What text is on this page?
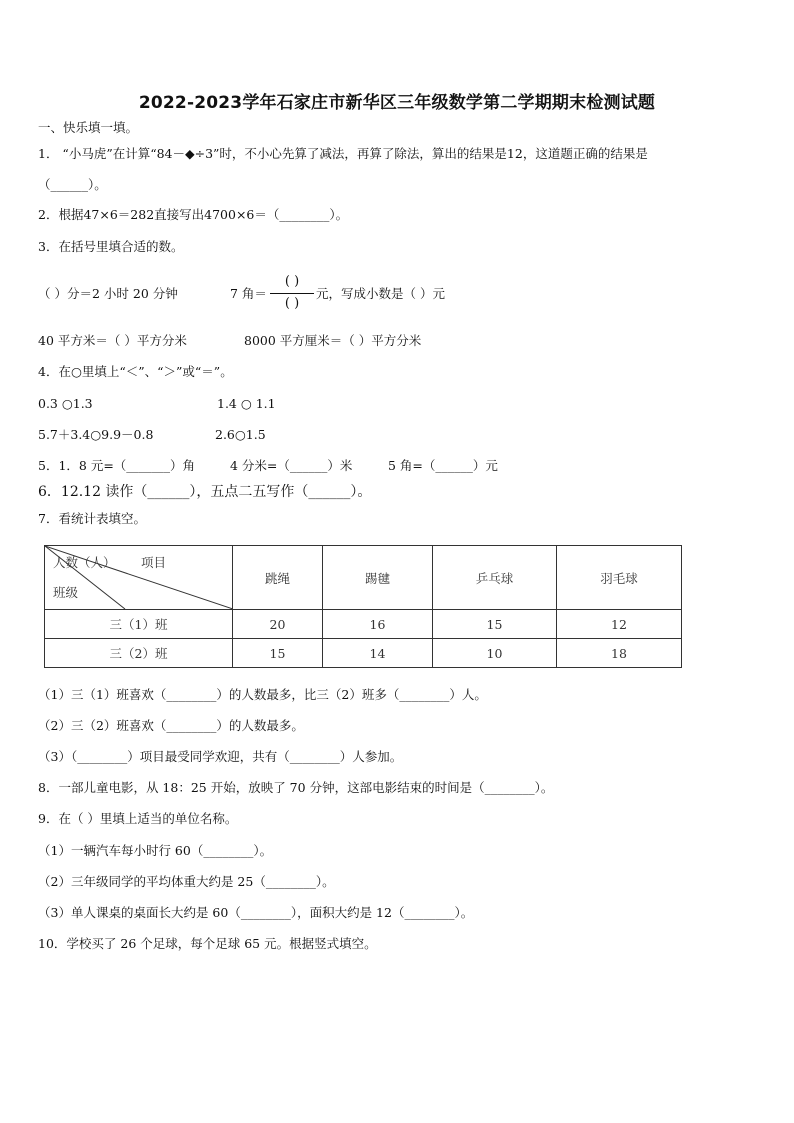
2022-2023学年石家庄市新华区三年级数学第二学期期末检测试题
一、快乐填一填。
1． “小马虎”在计算“84－◆÷3”时，不小心先算了减法，再算了除法，算出的结果是12，这道题正确的结果是
（______）。
2．根据47×6＝282直接写出4700×6＝（________）。
3．在括号里填合适的数。
（ ）分＝2 小时 20 分钟	7 角＝
( )
( )
元，写成小数是（ ）元
40 平方米＝（ ）平方分米	8000 平方厘米＝（ ）平方分米
4．在○里填上“＜”、“＞”或“＝”。
0.3 ○1.3	1.4 ○ 1.1
5.7＋3.4○9.9－0.8	2.6○1.5
5．1．8 元=（_______）角	4 分米=（______）米	5 角=（______）元
6．12.12 读作（______），五点二五写作（______）。
7．看统计表填空。
人数（人） 项目
班级	跳绳	踢毽	乒乓球	羽毛球
三（1）班	20	16	15	12
三（2）班	15	14	10	18
（1）三（1）班喜欢（________）的人数最多，比三（2）班多（________）人。
（2）三（2）班喜欢（________）的人数最多。
（3）（________）项目最受同学欢迎，共有（________）人参加。
8．一部儿童电影，从 18：25 开始，放映了 70 分钟，这部电影结束的时间是（________）。
9．在（ ）里填上适当的单位名称。
（1）一辆汽车每小时行 60（________）。
（2）三年级同学的平均体重大约是 25（________）。
（3）单人课桌的桌面长大约是 60（________），面积大约是 12（________）。
10．学校买了 26 个足球，每个足球 65 元。根据竖式填空。
